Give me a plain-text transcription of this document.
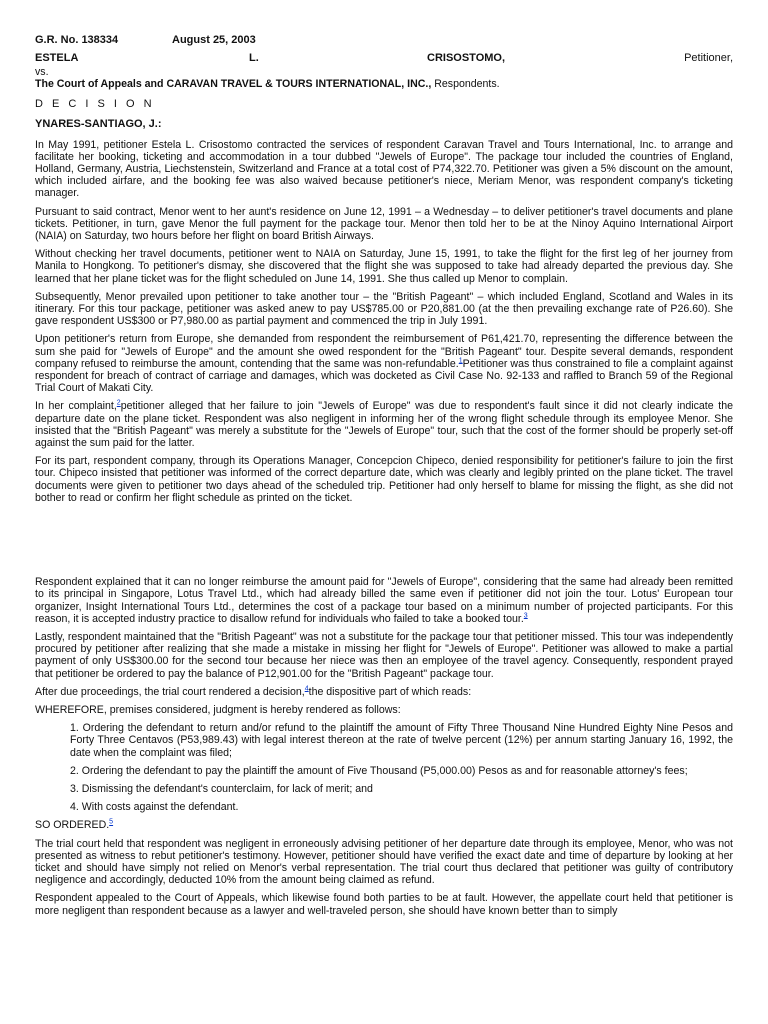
G.R. No. 138334	August 25, 2003
ESTELA	L.	CRISOSTOMO,	Petitioner,
vs.
The Court of Appeals and CARAVAN TRAVEL & TOURS INTERNATIONAL, INC., Respondents.
D E C I S I O N
YNARES-SANTIAGO, J.:

In May 1991, petitioner Estela L. Crisostomo contracted the services of respondent Caravan Travel and Tours International, Inc. to arrange and facilitate her booking, ticketing and accommodation in a tour dubbed "Jewels of Europe". The package tour included the countries of England, Holland, Germany, Austria, Liechstenstein, Switzerland and France at a total cost of P74,322.70. Petitioner was given a 5% discount on the amount, which included airfare, and the booking fee was also waived because petitioner's niece, Meriam Menor, was respondent company's ticketing manager.

Pursuant to said contract, Menor went to her aunt's residence on June 12, 1991 – a Wednesday – to deliver petitioner's travel documents and plane tickets. Petitioner, in turn, gave Menor the full payment for the package tour. Menor then told her to be at the Ninoy Aquino International Airport (NAIA) on Saturday, two hours before her flight on board British Airways.

Without checking her travel documents, petitioner went to NAIA on Saturday, June 15, 1991, to take the flight for the first leg of her journey from Manila to Hongkong. To petitioner's dismay, she discovered that the flight she was supposed to take had already departed the previous day. She learned that her plane ticket was for the flight scheduled on June 14, 1991. She thus called up Menor to complain.

Subsequently, Menor prevailed upon petitioner to take another tour – the "British Pageant" – which included England, Scotland and Wales in its itinerary. For this tour package, petitioner was asked anew to pay US$785.00 or P20,881.00 (at the then prevailing exchange rate of P26.60). She gave respondent US$300 or P7,980.00 as partial payment and commenced the trip in July 1991.

Upon petitioner's return from Europe, she demanded from respondent the reimbursement of P61,421.70, representing the difference between the sum she paid for "Jewels of Europe" and the amount she owed respondent for the "British Pageant" tour. Despite several demands, respondent company refused to reimburse the amount, contending that the same was non-refundable.$^1$Petitioner was thus constrained to file a complaint against respondent for breach of contract of carriage and damages, which was docketed as Civil Case No. 92-133 and raffled to Branch 59 of the Regional Trial Court of Makati City.

In her complaint,$^2$petitioner alleged that her failure to join "Jewels of Europe" was due to respondent's fault since it did not clearly indicate the departure date on the plane ticket. Respondent was also negligent in informing her of the wrong flight schedule through its employee Menor. She insisted that the "British Pageant" was merely a substitute for the "Jewels of Europe" tour, such that the cost of the former should be properly set-off against the sum paid for the latter.

For its part, respondent company, through its Operations Manager, Concepcion Chipeco, denied responsibility for petitioner's failure to join the first tour. Chipeco insisted that petitioner was informed of the correct departure date, which was clearly and legibly printed on the plane ticket. The travel documents were given to petitioner two days ahead of the scheduled trip. Petitioner had only herself to blame for missing the flight, as she did not bother to read or confirm her flight schedule as printed on the ticket.

Respondent explained that it can no longer reimburse the amount paid for "Jewels of Europe", considering that the same had already been remitted to its principal in Singapore, Lotus Travel Ltd., which had already billed the same even if petitioner did not join the tour. Lotus' European tour organizer, Insight International Tours Ltd., determines the cost of a package tour based on a minimum number of projected participants. For this reason, it is accepted industry practice to disallow refund for individuals who failed to take a booked tour.$^3$

Lastly, respondent maintained that the "British Pageant" was not a substitute for the package tour that petitioner missed. This tour was independently procured by petitioner after realizing that she made a mistake in missing her flight for "Jewels of Europe". Petitioner was allowed to make a partial payment of only US$300.00 for the second tour because her niece was then an employee of the travel agency. Consequently, respondent prayed that petitioner be ordered to pay the balance of P12,901.00 for the "British Pageant" package tour.

After due proceedings, the trial court rendered a decision,$^4$the dispositive part of which reads:

WHEREFORE, premises considered, judgment is hereby rendered as follows:

1. Ordering the defendant to return and/or refund to the plaintiff the amount of Fifty Three Thousand Nine Hundred Eighty Nine Pesos and Forty Three Centavos (P53,989.43) with legal interest thereon at the rate of twelve percent (12%) per annum starting January 16, 1992, the date when the complaint was filed;

2. Ordering the defendant to pay the plaintiff the amount of Five Thousand (P5,000.00) Pesos as and for reasonable attorney's fees;

3. Dismissing the defendant's counterclaim, for lack of merit; and

4. With costs against the defendant.

SO ORDERED.$^5$

The trial court held that respondent was negligent in erroneously advising petitioner of her departure date through its employee, Menor, who was not presented as witness to rebut petitioner's testimony. However, petitioner should have verified the exact date and time of departure by looking at her ticket and should have simply not relied on Menor's verbal representation. The trial court thus declared that petitioner was guilty of contributory negligence and accordingly, deducted 10% from the amount being claimed as refund.

Respondent appealed to the Court of Appeals, which likewise found both parties to be at fault. However, the appellate court held that petitioner is more negligent than respondent because as a lawyer and well-traveled person, she should have known better than to simply
